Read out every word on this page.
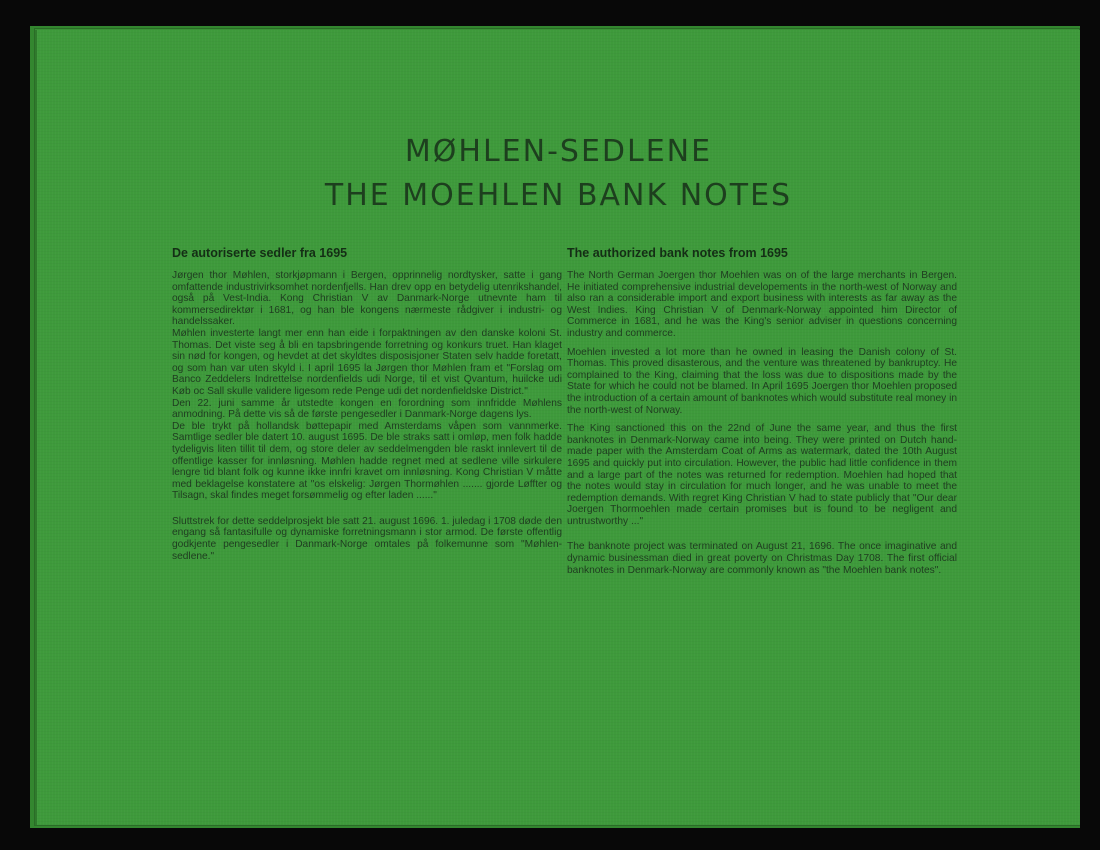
MØHLEN-SEDLENE
THE MOEHLEN BANK NOTES

De autoriserte sedler fra 1695

Jørgen thor Møhlen, storkjøpmann i Bergen, opprinnelig nordtysker, satte i gang omfattende industrivirksomhet nordenfjells. Han drev opp en betydelig utenrikshandel, også på Vest-India. Kong Christian V av Danmark-Norge utnevnte ham til kommersedirektør i 1681, og han ble kongens nærmeste rådgiver i industri- og handelssaker.

Møhlen investerte langt mer enn han eide i forpaktningen av den danske koloni St. Thomas. Det viste seg å bli en tapsbringende forretning og konkurs truet. Han klaget sin nød for kongen, og hevdet at det skyldtes disposisjoner Staten selv hadde foretatt, og som han var uten skyld i. I april 1695 la Jørgen thor Møhlen fram et "Forslag om Banco Zeddelers Indrettelse nordenfields udi Norge, til et vist Qvantum, huilcke udi Køb oc Sall skulle validere ligesom rede Penge udi det nordenfieldske District."

Den 22. juni samme år utstedte kongen en forordning som innfridde Møhlens anmodning. På dette vis så de første pengesedler i Danmark-Norge dagens lys.

De ble trykt på hollandsk bøttepapir med Amsterdams våpen som vannmerke. Samtlige sedler ble datert 10. august 1695. De ble straks satt i omløp, men folk hadde tydeligvis liten tillit til dem, og store deler av seddelmengden ble raskt innlevert til de offentlige kasser for innløsning. Møhlen hadde regnet med at sedlene ville sirkulere lengre tid blant folk og kunne ikke innfri kravet om innløsning. Kong Christian V måtte med beklagelse konstatere at "os elskelig: Jørgen Thormøhlen ....... gjorde Løffter og Tilsagn, skal findes meget forsømmelig og efter laden ......"

Sluttstrek for dette seddelprosjekt ble satt 21. august 1696. 1. juledag i 1708 døde den engang så fantasifulle og dynamiske forretningsmann i stor armod. De første offentlig godkjente pengesedler i Danmark-Norge omtales på folkemunne som "Møhlen-sedlene."

The authorized bank notes from 1695

The North German Joergen thor Moehlen was on of the large merchants in Bergen. He initiated comprehensive industrial developements in the north-west of Norway and also ran a considerable import and export business with interests as far away as the West Indies. King Christian V of Denmark-Norway appointed him Director of Commerce in 1681, and he was the King's senior adviser in questions concerning industry and commerce.

Moehlen invested a lot more than he owned in leasing the Danish colony of St. Thomas. This proved disasterous, and the venture was threatened by bankruptcy. He complained to the King, claiming that the loss was due to dispositions made by the State for which he could not be blamed. In April 1695 Joergen thor Moehlen proposed the introduction of a certain amount of banknotes which would substitute real money in the north-west of Norway.

The King sanctioned this on the 22nd of June the same year, and thus the first banknotes in Denmark-Norway came into being. They were printed on Dutch hand-made paper with the Amsterdam Coat of Arms as watermark, dated the 10th August 1695 and quickly put into circulation. However, the public had little confidence in them and a large part of the notes was returned for redemption. Moehlen had hoped that the notes would stay in circulation for much longer, and he was unable to meet the redemption demands. With regret King Christian V had to state publicly that "Our dear Joergen Thormoehlen made certain promises but is found to be negligent and untrustworthy ..."

The banknote project was terminated on August 21, 1696. The once imaginative and dynamic businessman died in great poverty on Christmas Day 1708. The first official banknotes in Denmark-Norway are commonly known as "the Moehlen bank notes".
